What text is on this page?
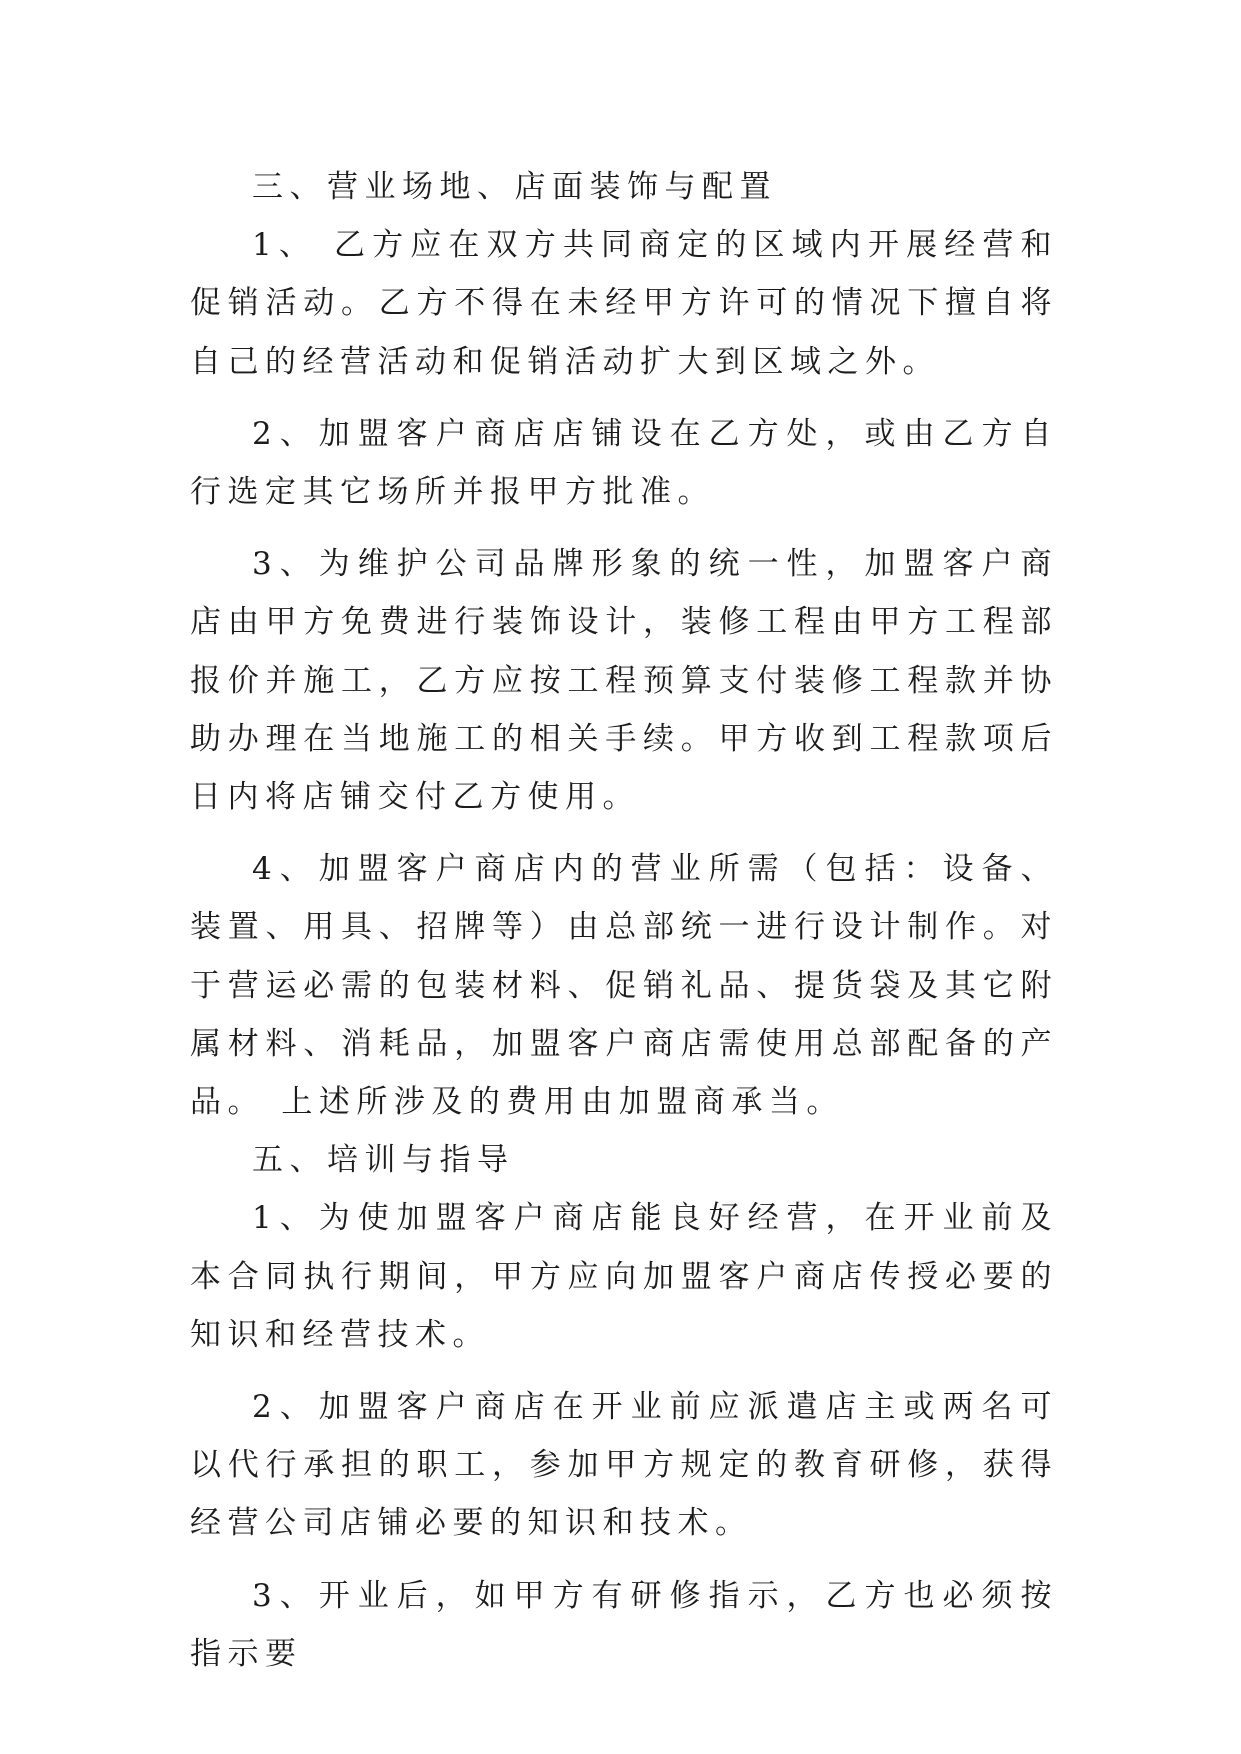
三、营业场地、店面装饰与配置

1、 乙方应在双方共同商定的区域内开展经营和促销活动。乙方不得在未经甲方许可的情况下擅自将自己的经营活动和促销活动扩大到区域之外。

2、加盟客户商店店铺设在乙方处，或由乙方自行选定其它场所并报甲方批准。

3、为维护公司品牌形象的统一性，加盟客户商店由甲方免费进行装饰设计，装修工程由甲方工程部报价并施工，乙方应按工程预算支付装修工程款并协助办理在当地施工的相关手续。甲方收到工程款项后 日内将店铺交付乙方使用。

4、加盟客户商店内的营业所需（包括：设备、装置、用具、招牌等）由总部统一进行设计制作。对于营运必需的包装材料、促销礼品、提货袋及其它附属材料、消耗品，加盟客户商店需使用总部配备的产品。 上述所涉及的费用由加盟商承当。

五、培训与指导

1、为使加盟客户商店能良好经营，在开业前及本合同执行期间，甲方应向加盟客户商店传授必要的知识和经营技术。

2、加盟客户商店在开业前应派遣店主或两名可以代行承担的职工，参加甲方规定的教育研修，获得经营公司店铺必要的知识和技术。

3、开业后，如甲方有研修指示，乙方也必须按指示要
